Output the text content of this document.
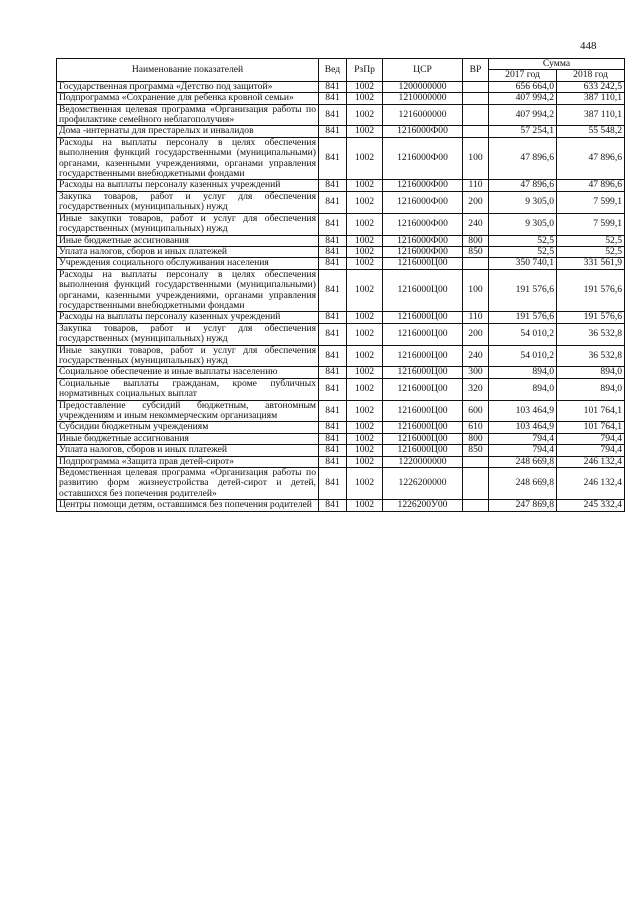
448
Наименование показателей	Вед	РзПр	ЦСР	ВР	Сумма	
					2017 год	2018 год
Государственная программа «Детство под защитой»	841	1002	1200000000		656 664,0	633 242,5
Подпрограмма «Сохранение для ребенка кровной семьи»	841	1002	1210000000		407 994,2	387 110,1
Ведомственная целевая программа «Организация работы по профилактике семейного неблагополучия»	841	1002	1216000000		407 994,2	387 110,1
Дома -интернаты для престарелых и инвалидов	841	1002	1216000Ф00		57 254,1	55 548,2
Расходы на выплаты персоналу в целях обеспечения выполнения функций государственными (муниципальными) органами, казенными учреждениями, органами управления государственными внебюджетными фондами	841	1002	1216000Ф00	100	47 896,6	47 896,6
Расходы на выплаты персоналу казенных учреждений	841	1002	1216000Ф00	110	47 896,6	47 896,6
Закупка товаров, работ и услуг для обеспечения государственных (муниципальных) нужд	841	1002	1216000Ф00	200	9 305,0	7 599,1
Иные закупки товаров, работ и услуг для обеспечения государственных (муниципальных) нужд	841	1002	1216000Ф00	240	9 305,0	7 599,1
Иные бюджетные ассигнования	841	1002	1216000Ф00	800	52,5	52,5
Уплата налогов, сборов и иных платежей	841	1002	1216000Ф00	850	52,5	52,5
Учреждения социального обслуживания населения	841	1002	1216000Ц00		350 740,1	331 561,9
Расходы на выплаты персоналу в целях обеспечения выполнения функций государственными (муниципальными) органами, казенными учреждениями, органами управления государственными внебюджетными фондами	841	1002	1216000Ц00	100	191 576,6	191 576,6
Расходы на выплаты персоналу казенных учреждений	841	1002	1216000Ц00	110	191 576,6	191 576,6
Закупка товаров, работ и услуг для обеспечения государственных (муниципальных) нужд	841	1002	1216000Ц00	200	54 010,2	36 532,8
Иные закупки товаров, работ и услуг для обеспечения государственных (муниципальных) нужд	841	1002	1216000Ц00	240	54 010,2	36 532,8
Социальное обеспечение и иные выплаты населению	841	1002	1216000Ц00	300	894,0	894,0
Социальные выплаты гражданам, кроме публичных нормативных социальных выплат	841	1002	1216000Ц00	320	894,0	894,0
Предоставление субсидий бюджетным, автономным учреждениям и иным некоммерческим организациям	841	1002	1216000Ц00	600	103 464,9	101 764,1
Субсидии бюджетным учреждениям	841	1002	1216000Ц00	610	103 464,9	101 764,1
Иные бюджетные ассигнования	841	1002	1216000Ц00	800	794,4	794,4
Уплата налогов, сборов и иных платежей	841	1002	1216000Ц00	850	794,4	794,4
Подпрограмма «Защита прав детей-сирот»	841	1002	1220000000		248 669,8	246 132,4
Ведомственная целевая программа «Организация работы по развитию форм жизнеустройства детей-сирот и детей, оставшихся без попечения родителей»	841	1002	1226200000		248 669,8	246 132,4
Центры помощи детям, оставшимся без попечения родителей	841	1002	1226200У00		247 869,8	245 332,4
